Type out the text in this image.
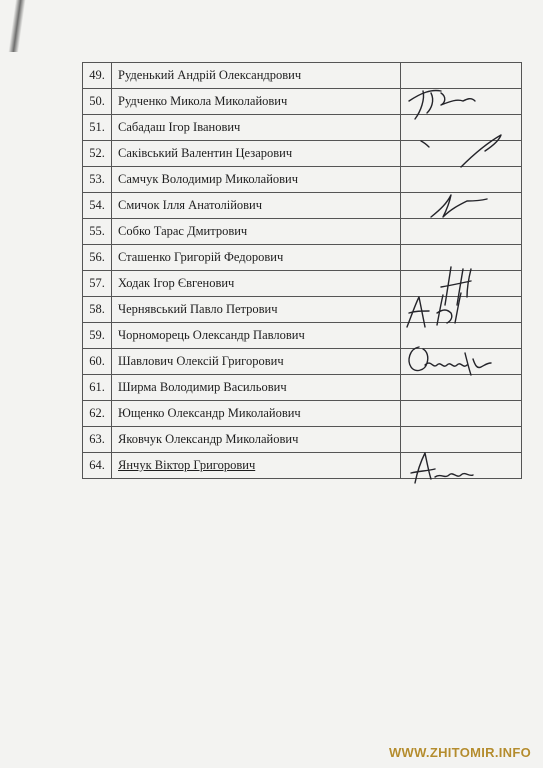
49.	Руденький Андрій Олександрович	
50.	Рудченко Микола Миколайович	

51.	Сабадаш Ігор Іванович	
52.	Саківський Валентин Цезарович	

53.	Самчук Володимир Миколайович	
54.	Смичок Ілля Анатолійович	

55.	Собко Тарас Дмитрович	
56.	Сташенко Григорій Федорович	
57.	Ходак Ігор Євгенович	

58.	Чернявський Павло Петрович	

59.	Чорноморець Олександр Павлович	
60.	Шавлович Олексій Григорович	

61.	Ширма Володимир Васильович	
62.	Ющенко Олександр Миколайович	
63.	Яковчук Олександр Миколайович	
64.	Янчук Віктор Григорович	
WWW.ZHITOMIR.INFO
